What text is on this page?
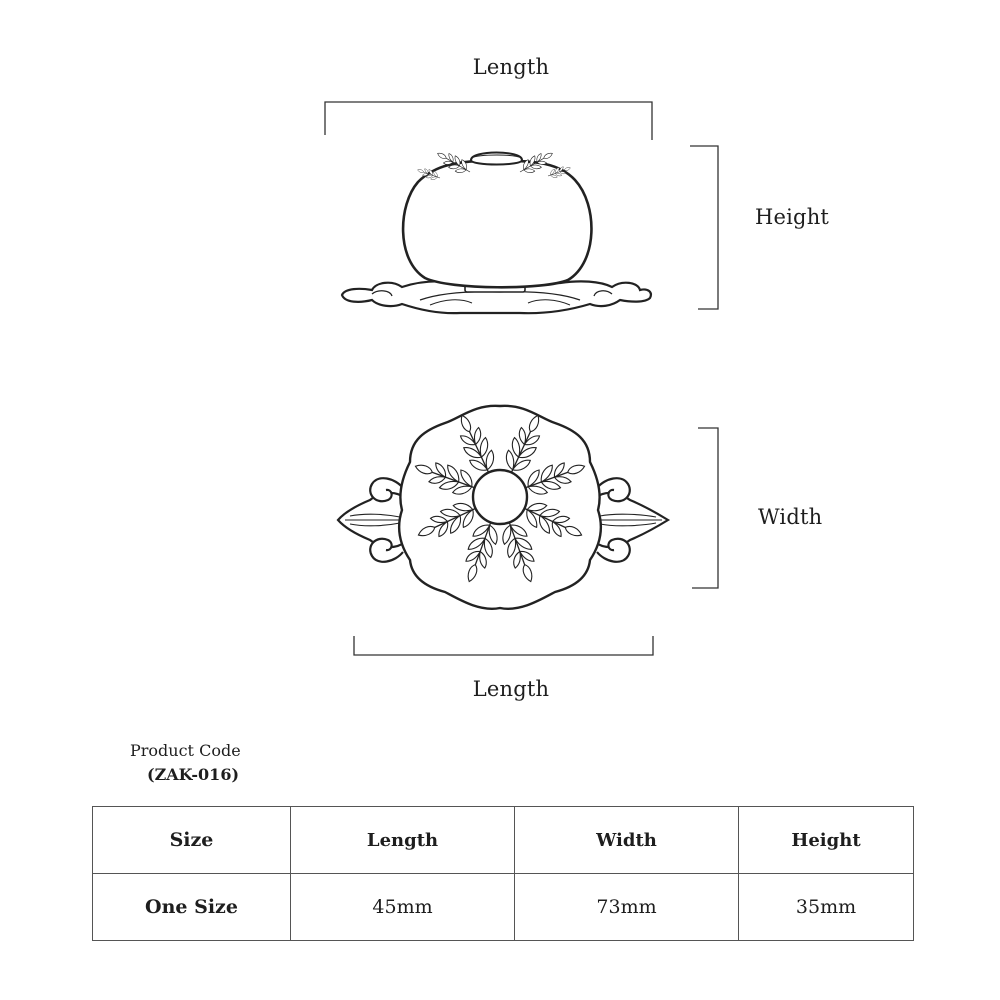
Length
Height
Width
Length
Product Code
(ZAK-016)
Size	Length	Width	Height
One Size	45mm	73mm	35mm
